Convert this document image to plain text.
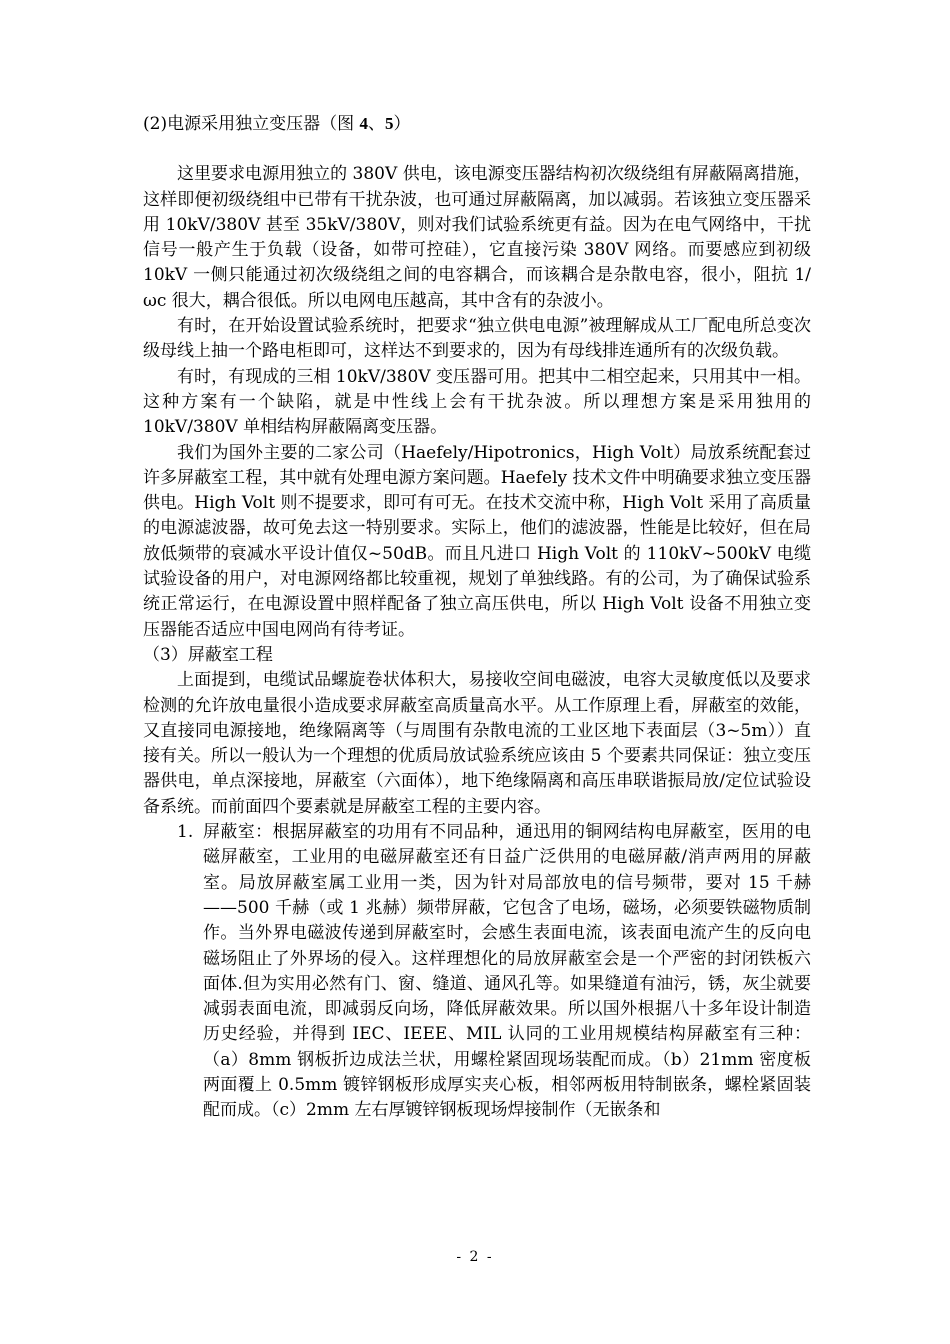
(2)电源采用独立变压器（图 4、5）

这里要求电源用独立的 380V 供电，该电源变压器结构初次级绕组有屏蔽隔离措施，这样即便初级绕组中已带有干扰杂波，也可通过屏蔽隔离，加以减弱。若该独立变压器采用 10kV/380V 甚至 35kV/380V，则对我们试验系统更有益。因为在电气网络中，干扰信号一般产生于负载（设备，如带可控硅），它直接污染 380V 网络。而要感应到初级 10kV 一侧只能通过初次级绕组之间的电容耦合，而该耦合是杂散电容，很小，阻抗 1/ωc 很大，耦合很低。所以电网电压越高，其中含有的杂波小。

有时，在开始设置试验系统时，把要求“独立供电电源”被理解成从工厂配电所总变次级母线上抽一个路电柜即可，这样达不到要求的，因为有母线排连通所有的次级负载。

有时，有现成的三相 10kV/380V 变压器可用。把其中二相空起来，只用其中一相。这种方案有一个缺陷，就是中性线上会有干扰杂波。所以理想方案是采用独用的 10kV/380V 单相结构屏蔽隔离变压器。

我们为国外主要的二家公司（Haefely/Hipotronics，High Volt）局放系统配套过许多屏蔽室工程，其中就有处理电源方案问题。Haefely 技术文件中明确要求独立变压器供电。High Volt 则不提要求，即可有可无。在技术交流中称，High Volt 采用了高质量的电源滤波器，故可免去这一特别要求。实际上，他们的滤波器，性能是比较好，但在局放低频带的衰减水平设计值仅~50dB。而且凡进口 High Volt 的 110kV~500kV 电缆试验设备的用户，对电源网络都比较重视，规划了单独线路。有的公司，为了确保试验系统正常运行，在电源设置中照样配备了独立高压供电，所以 High Volt 设备不用独立变压器能否适应中国电网尚有待考证。

（3）屏蔽室工程

上面提到，电缆试品螺旋卷状体积大，易接收空间电磁波，电容大灵敏度低以及要求检测的允许放电量很小造成要求屏蔽室高质量高水平。从工作原理上看，屏蔽室的效能，又直接同电源接地，绝缘隔离等（与周围有杂散电流的工业区地下表面层（3~5m））直接有关。所以一般认为一个理想的优质局放试验系统应该由 5 个要素共同保证：独立变压器供电，单点深接地，屏蔽室（六面体），地下绝缘隔离和高压串联谐振局放/定位试验设备系统。而前面四个要素就是屏蔽室工程的主要内容。

1. 屏蔽室：根据屏蔽室的功用有不同品种，通迅用的铜网结构电屏蔽室，医用的电磁屏蔽室，工业用的电磁屏蔽室还有日益广泛供用的电磁屏蔽/消声两用的屏蔽室。局放屏蔽室属工业用一类，因为针对局部放电的信号频带，要对 15 千赫——500 千赫（或 1 兆赫）频带屏蔽，它包含了电场，磁场，必须要铁磁物质制作。当外界电磁波传递到屏蔽室时，会感生表面电流，该表面电流产生的反向电磁场阻止了外界场的侵入。这样理想化的局放屏蔽室会是一个严密的封闭铁板六面体.但为实用必然有门、窗、缝道、通风孔等。如果缝道有油污，锈，灰尘就要减弱表面电流，即减弱反向场，降低屏蔽效果。所以国外根据八十多年设计制造历史经验，并得到 IEC、IEEE、MIL 认同的工业用规模结构屏蔽室有三种：（a）8mm 钢板折边成法兰状，用螺栓紧固现场装配而成。（b）21mm 密度板两面覆上 0.5mm 镀锌钢板形成厚实夹心板，相邻两板用特制嵌条，螺栓紧固装配而成。（c）2mm 左右厚镀锌钢板现场焊接制作（无嵌条和
- 2 -
